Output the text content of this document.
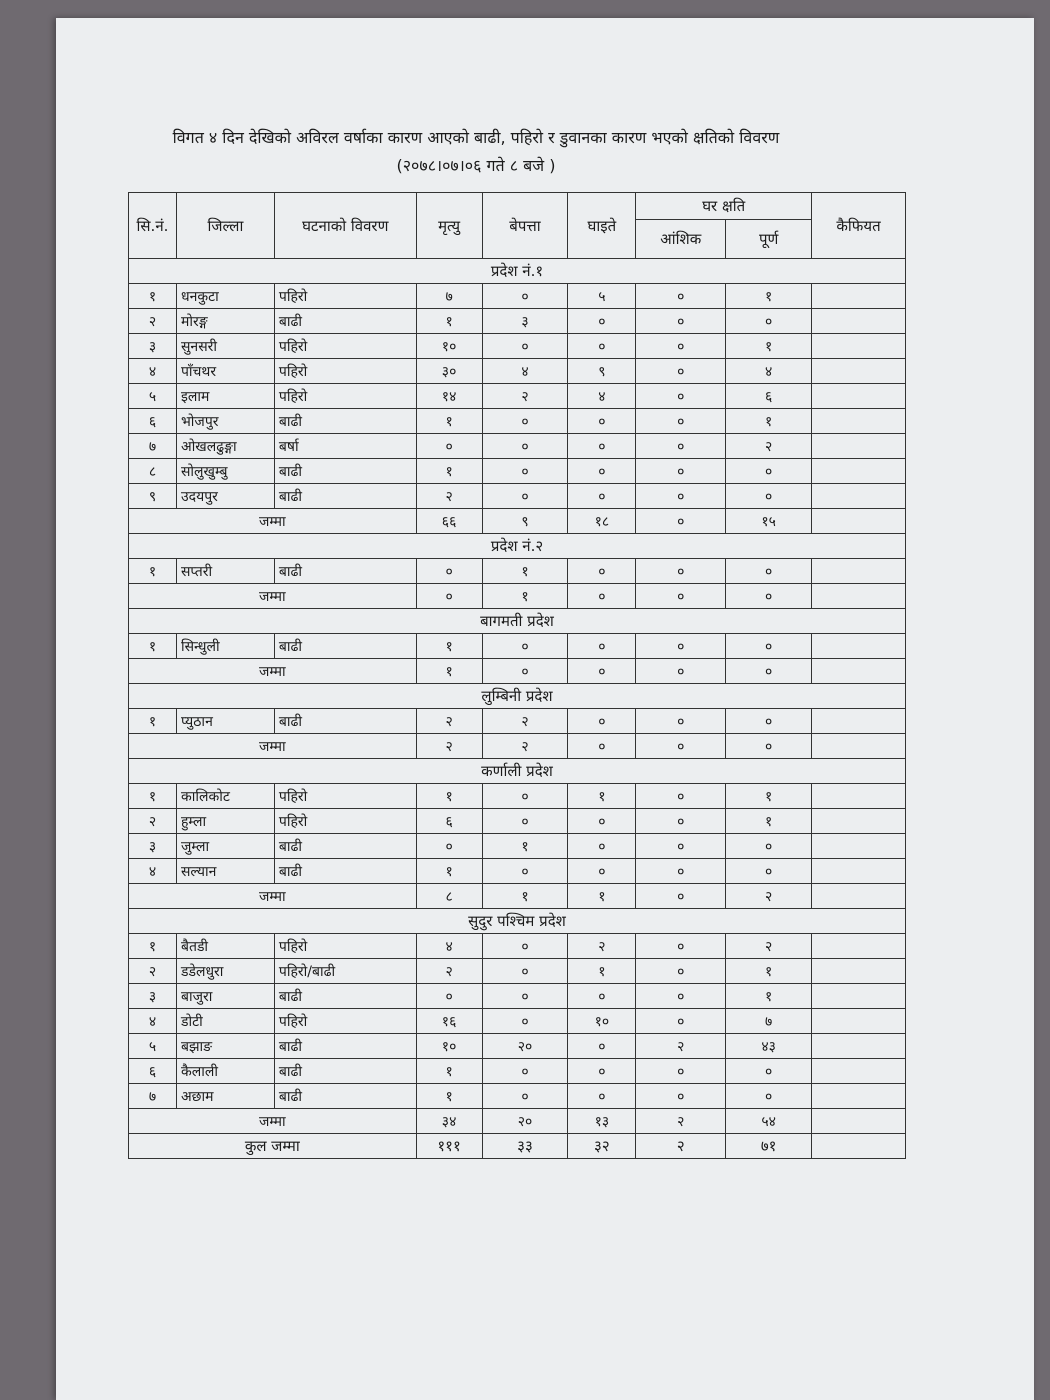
विगत ४ दिन देखिको अविरल वर्षाका कारण आएको बाढी, पहिरो र डुवानका कारण भएको क्षतिको विवरण
(२०७८।०७।०६ गते ८ बजे )
सि.नं.	जिल्ला	घटनाको विवरण	मृत्यु	बेपत्ता	घाइते	घर क्षति		कैफियत
						आंशिक	पूर्ण	
प्रदेश नं.१								
१	धनकुटा	पहिरो	७	०	५	०	१	
२	मोरङ्ग	बाढी	१	३	०	०	०	
३	सुनसरी	पहिरो	१०	०	०	०	१	
४	पाँचथर	पहिरो	३०	४	९	०	४	
५	इलाम	पहिरो	१४	२	४	०	६	
६	भोजपुर	बाढी	१	०	०	०	१	
७	ओखलढुङ्गा	बर्षा	०	०	०	०	२	
८	सोलुखुम्बु	बाढी	१	०	०	०	०	
९	उदयपुर	बाढी	२	०	०	०	०	
जम्मा			६६	९	१८	०	१५	
प्रदेश नं.२								
१	सप्तरी	बाढी	०	१	०	०	०	
जम्मा			०	१	०	०	०	
बागमती प्रदेश								
१	सिन्धुली	बाढी	१	०	०	०	०	
जम्मा			१	०	०	०	०	
लुम्बिनी प्रदेश								
१	प्युठान	बाढी	२	२	०	०	०	
जम्मा			२	२	०	०	०	
कर्णाली प्रदेश								
१	कालिकोट	पहिरो	१	०	१	०	१	
२	हुम्ला	पहिरो	६	०	०	०	१	
३	जुम्ला	बाढी	०	१	०	०	०	
४	सल्यान	बाढी	१	०	०	०	०	
जम्मा			८	१	१	०	२	
सुदुर पश्चिम प्रदेश								
१	बैतडी	पहिरो	४	०	२	०	२	
२	डडेलधुरा	पहिरो/बाढी	२	०	१	०	१	
३	बाजुरा	बाढी	०	०	०	०	१	
४	डोटी	पहिरो	१६	०	१०	०	७	
५	बझाङ	बाढी	१०	२०	०	२	४३	
६	कैलाली	बाढी	१	०	०	०	०	
७	अछाम	बाढी	१	०	०	०	०	
जम्मा			३४	२०	१३	२	५४	
कुल जम्मा			१११	३३	३२	२	७१	
